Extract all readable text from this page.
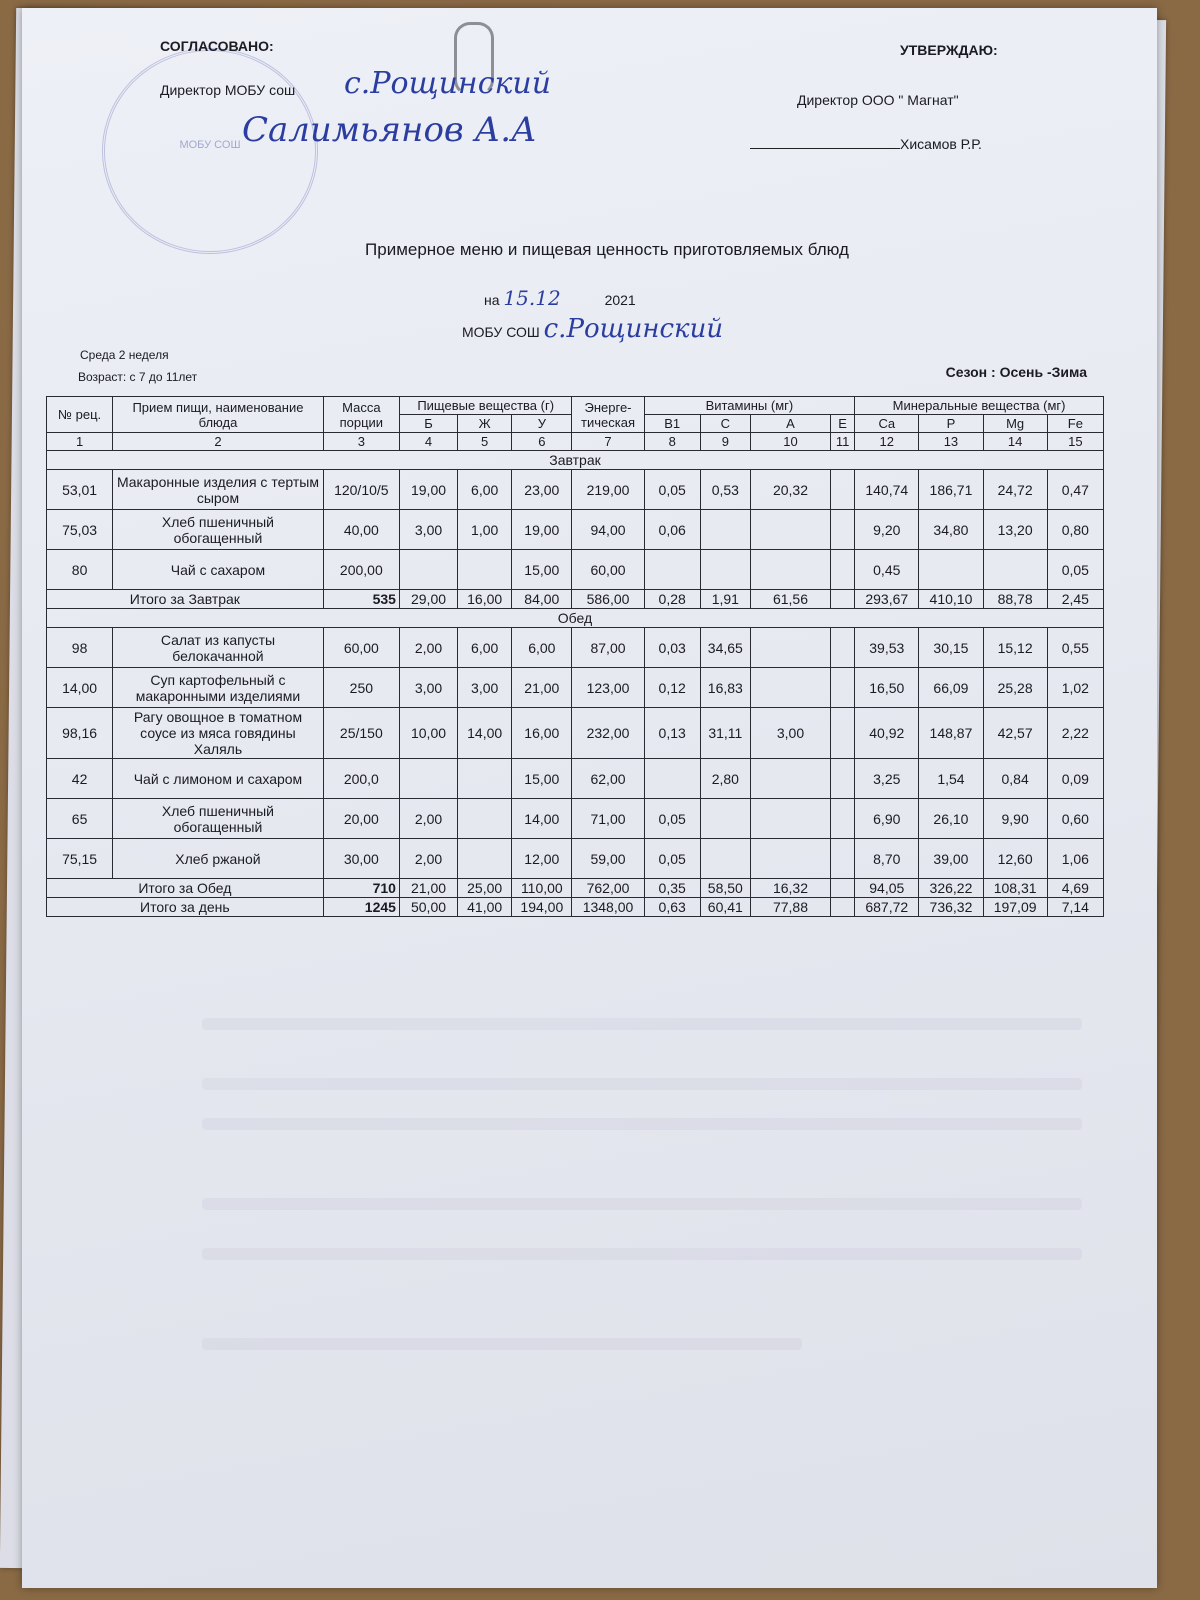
МОБУ СОШ
СОГЛАСОВАНО:
Директор МОБУ сош с.Рощинский
Салимьянов А.А
УТВЕРЖДАЮ:
Директор ООО " Магнат"
Хисамов Р.Р.
Примерное меню и пищевая ценность приготовляемых блюд
на 15.12	2021
МОБУ СОШ с.Рощинский
Среда 2 неделя
Возраст: с 7 до 11лет	Сезон : Осень -Зима
№ рец.	Прием пищи, наименование блюда	Масса порции	Пищевые вещества (г)			Энерге- тическая	Витамины (мг)				Минеральные вещества (мг)			
			Б	Ж	У		В1	С	А	Е	Ca	P	Mg	Fe
1	2	3	4	5	6	7	8	9	10	11	12	13	14	15
Завтрак														
53,01	Макаронные изделия с тертым сыром	120/10/5	19,00	6,00	23,00	219,00	0,05	0,53	20,32		140,74	186,71	24,72	0,47
75,03	Хлеб пшеничный обогащенный	40,00	3,00	1,00	19,00	94,00	0,06				9,20	34,80	13,20	0,80
80	Чай с сахаром	200,00			15,00	60,00					0,45			0,05
Итого за Завтрак		535	29,00	16,00	84,00	586,00	0,28	1,91	61,56		293,67	410,10	88,78	2,45
Обед														
98	Салат из капусты белокачанной	60,00	2,00	6,00	6,00	87,00	0,03	34,65			39,53	30,15	15,12	0,55
14,00	Суп картофельный с макаронными изделиями	250	3,00	3,00	21,00	123,00	0,12	16,83			16,50	66,09	25,28	1,02
98,16	Рагу овощное в томатном соусе из мяса говядины Халяль	25/150	10,00	14,00	16,00	232,00	0,13	31,11	3,00		40,92	148,87	42,57	2,22
42	Чай с лимоном и сахаром	200,0			15,00	62,00		2,80			3,25	1,54	0,84	0,09
65	Хлеб пшеничный обогащенный	20,00	2,00		14,00	71,00	0,05				6,90	26,10	9,90	0,60
75,15	Хлеб ржаной	30,00	2,00		12,00	59,00	0,05				8,70	39,00	12,60	1,06
Итого за Обед		710	21,00	25,00	110,00	762,00	0,35	58,50	16,32		94,05	326,22	108,31	4,69
Итого за день		1245	50,00	41,00	194,00	1348,00	0,63	60,41	77,88		687,72	736,32	197,09	7,14
